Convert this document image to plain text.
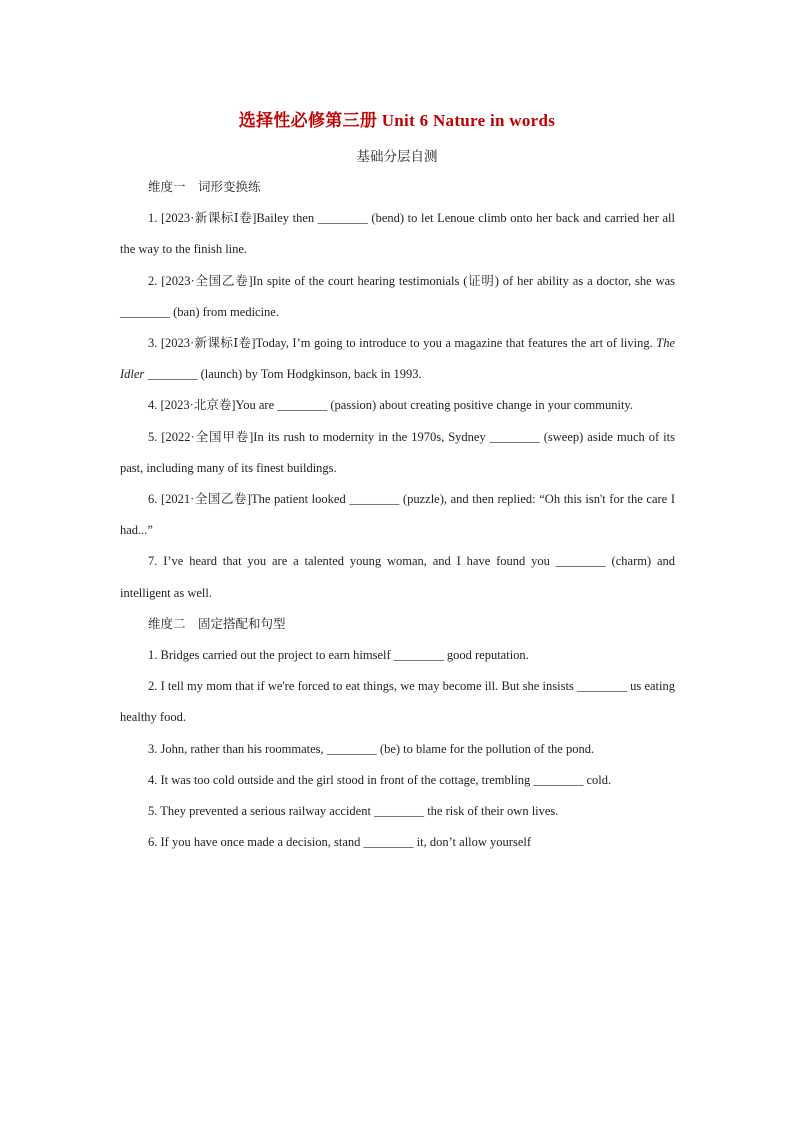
选择性必修第三册 Unit 6 Nature in words
基础分层自测
维度一　词形变换练
1. [2023·新课标Ⅰ卷]Bailey then ________ (bend) to let Lenoue climb onto her back and carried her all the way to the finish line.
2. [2023·全国乙卷]In spite of the court hearing testimonials (证明) of her ability as a doctor, she was ________ (ban) from medicine.
3. [2023·新课标Ⅰ卷]Today, I’m going to introduce to you a magazine that features the art of living. The Idler ________ (launch) by Tom Hodgkinson, back in 1993.
4. [2023·北京卷]You are ________ (passion) about creating positive change in your community.
5. [2022·全国甲卷]In its rush to modernity in the 1970s, Sydney ________ (sweep) aside much of its past, including many of its finest buildings.
6. [2021·全国乙卷]The patient looked ________ (puzzle), and then replied: “Oh this isn't for the care I had...”
7. I’ve heard that you are a talented young woman, and I have found you ________ (charm) and intelligent as well.
维度二　固定搭配和句型
1. Bridges carried out the project to earn himself ________ good reputation.
2. I tell my mom that if we're forced to eat things, we may become ill. But she insists ________ us eating healthy food.
3. John, rather than his roommates, ________ (be) to blame for the pollution of the pond.
4. It was too cold outside and the girl stood in front of the cottage, trembling ________ cold.
5. They prevented a serious railway accident ________ the risk of their own lives.
6. If you have once made a decision, stand ________ it, don’t allow yourself
